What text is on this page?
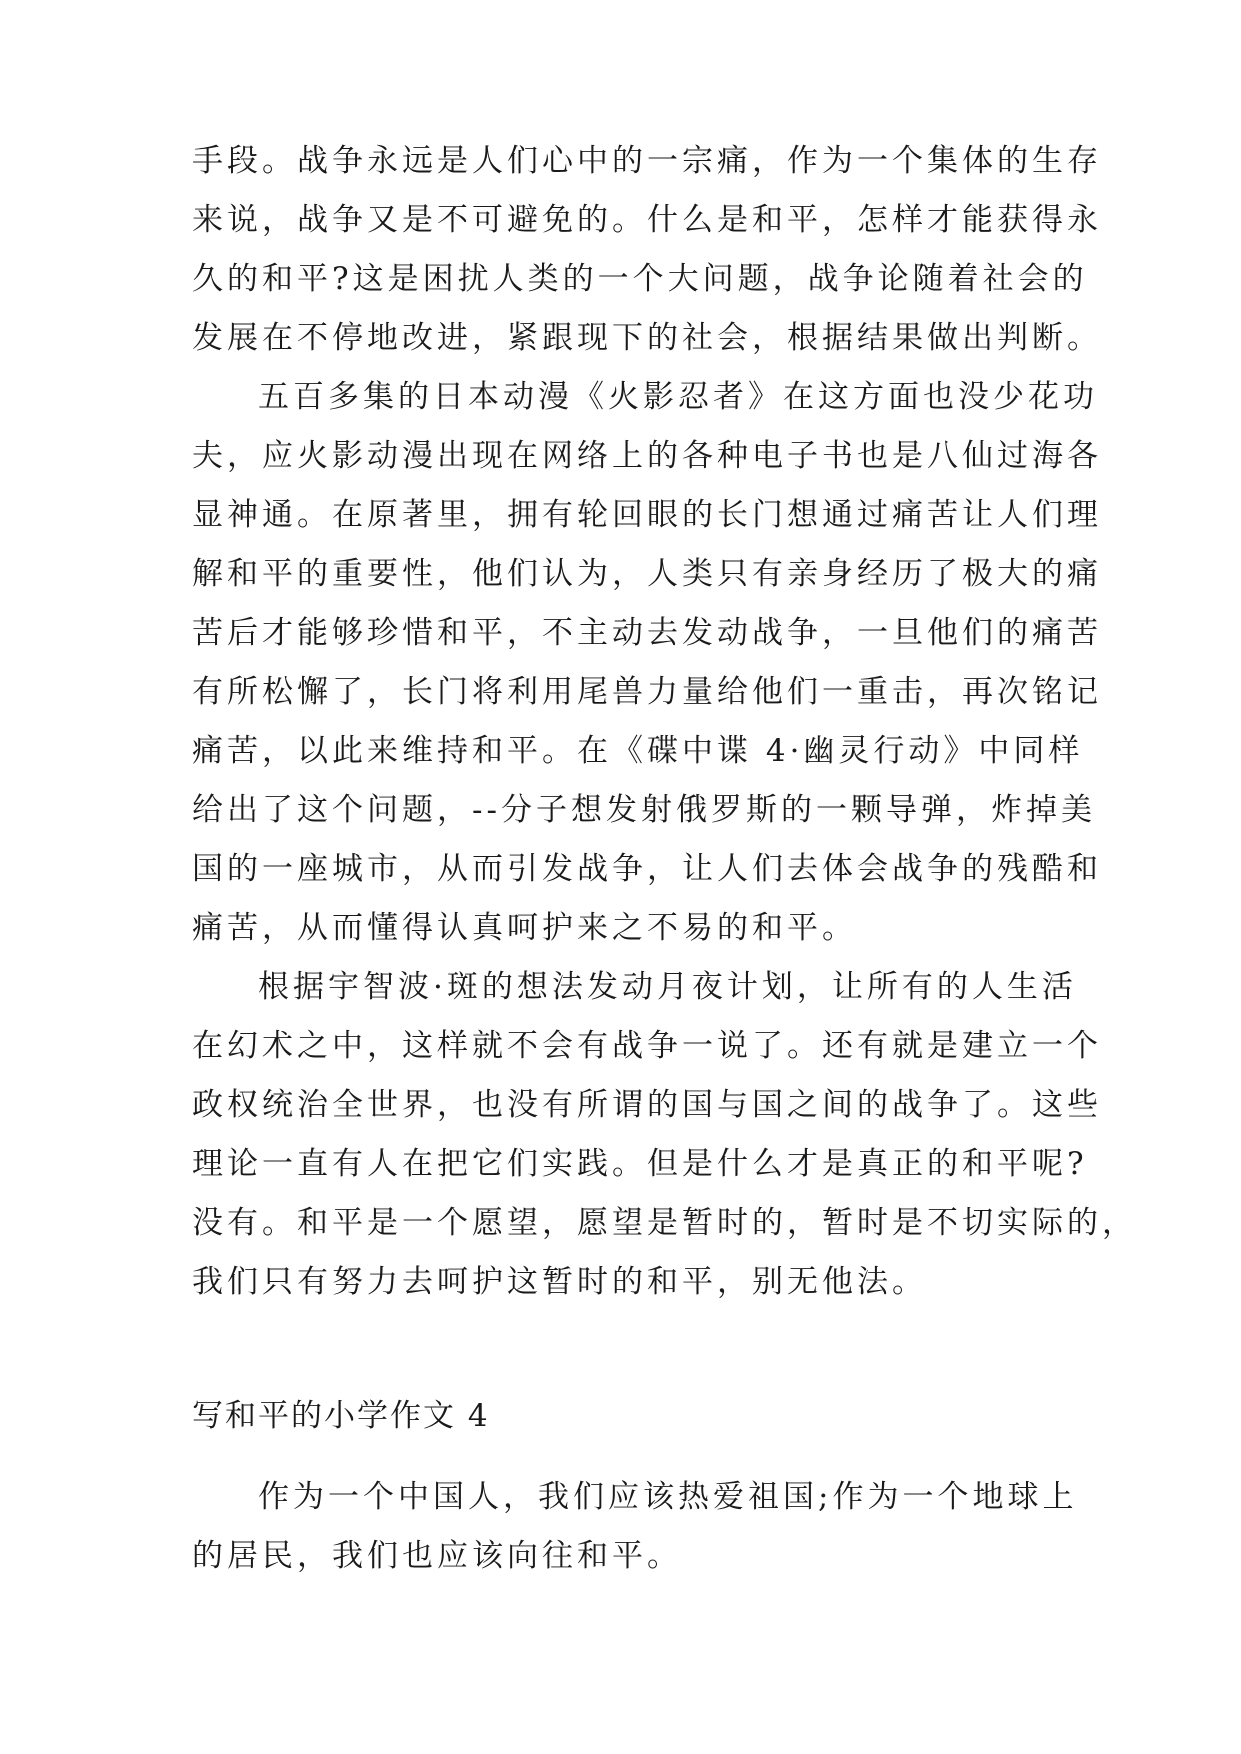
手段。战争永远是人们心中的一宗痛，作为一个集体的生存
来说，战争又是不可避免的。什么是和平，怎样才能获得永
久的和平?这是困扰人类的一个大问题，战争论随着社会的
发展在不停地改进，紧跟现下的社会，根据结果做出判断。
五百多集的日本动漫《火影忍者》在这方面也没少花功
夫，应火影动漫出现在网络上的各种电子书也是八仙过海各
显神通。在原著里，拥有轮回眼的长门想通过痛苦让人们理
解和平的重要性，他们认为，人类只有亲身经历了极大的痛
苦后才能够珍惜和平，不主动去发动战争，一旦他们的痛苦
有所松懈了，长门将利用尾兽力量给他们一重击，再次铭记
痛苦，以此来维持和平。在《碟中谍 4·幽灵行动》中同样
给出了这个问题，--分子想发射俄罗斯的一颗导弹，炸掉美
国的一座城市，从而引发战争，让人们去体会战争的残酷和
痛苦，从而懂得认真呵护来之不易的和平。
根据宇智波·斑的想法发动月夜计划，让所有的人生活
在幻术之中，这样就不会有战争一说了。还有就是建立一个
政权统治全世界，也没有所谓的国与国之间的战争了。这些
理论一直有人在把它们实践。但是什么才是真正的和平呢?
没有。和平是一个愿望，愿望是暂时的，暂时是不切实际的，
我们只有努力去呵护这暂时的和平，别无他法。
写和平的小学作文 4
作为一个中国人，我们应该热爱祖国;作为一个地球上
的居民，我们也应该向往和平。
